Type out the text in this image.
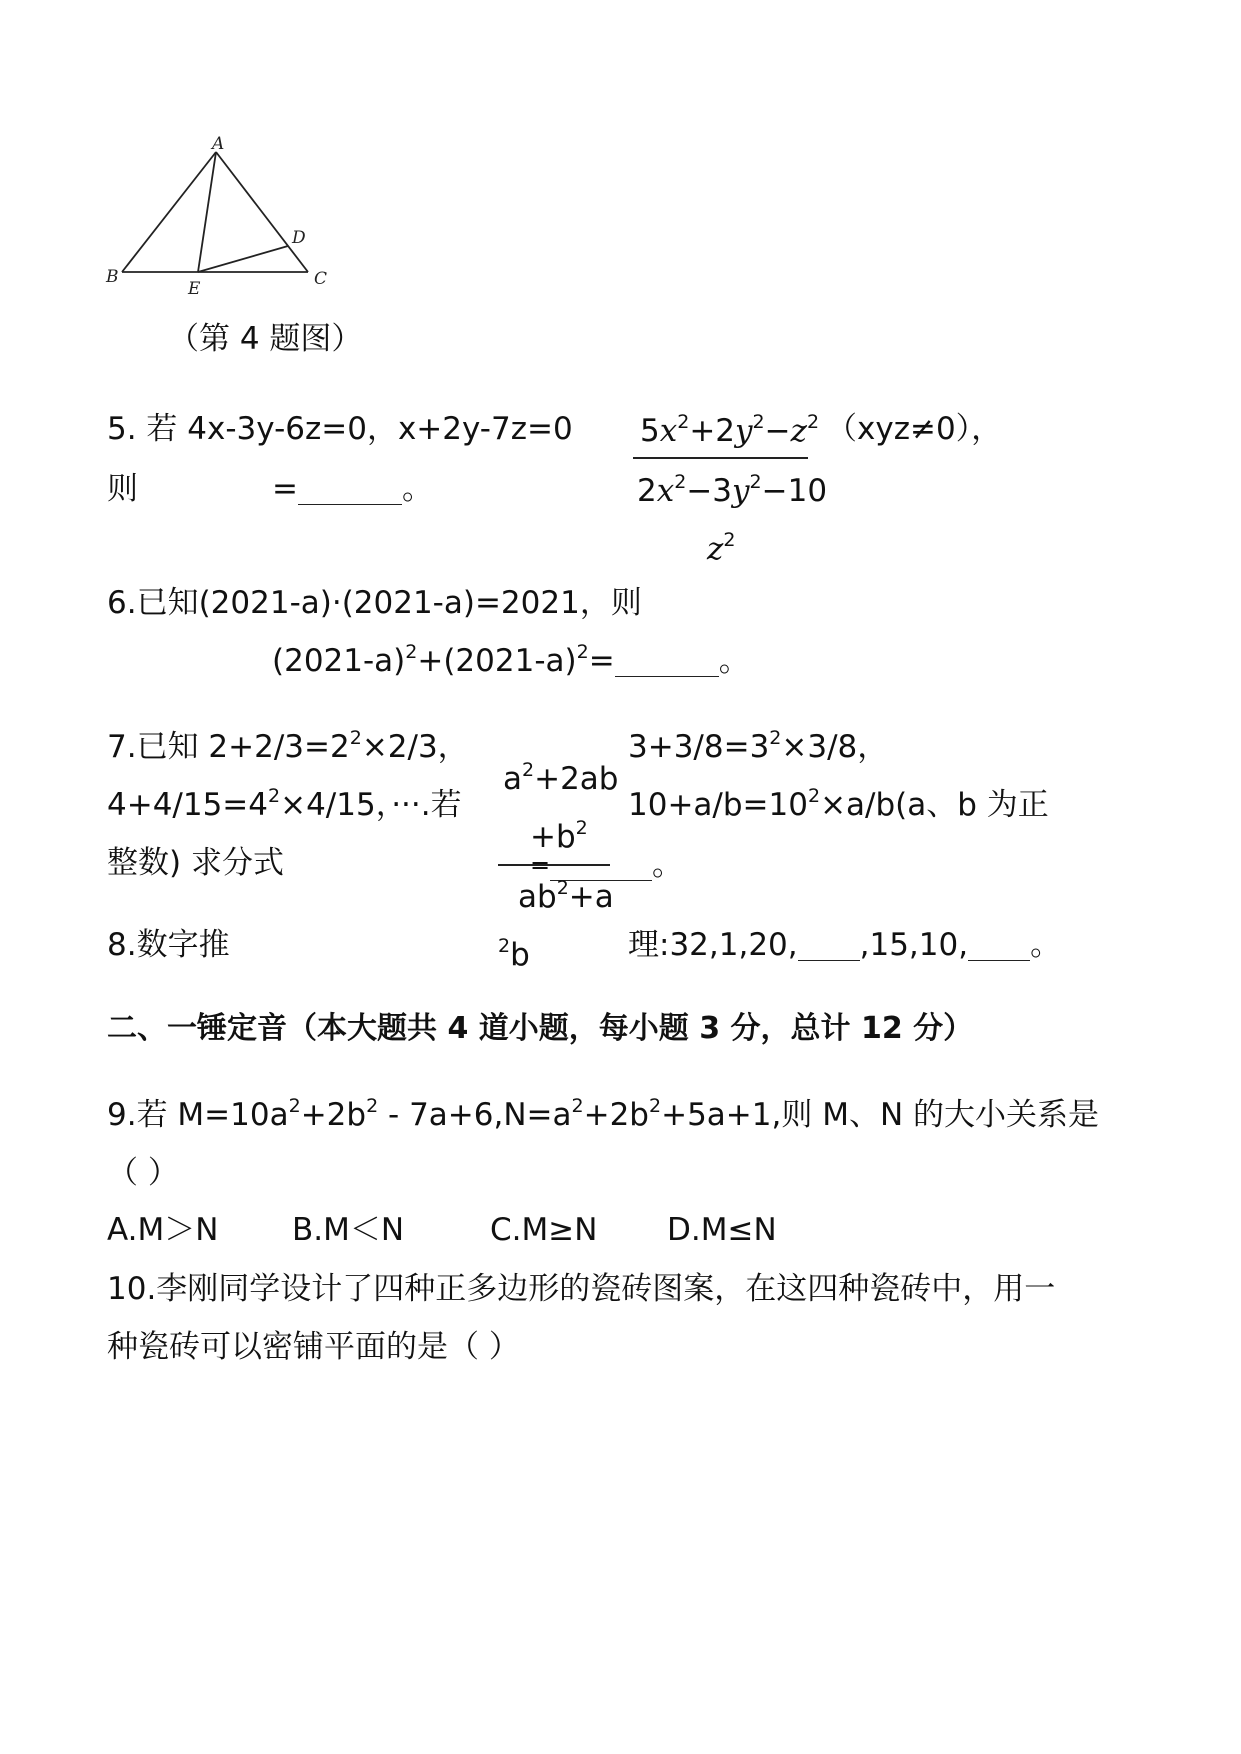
A
B	C
D
E
（第 4 题图）
5. 若 4x-3y-6z=0，x+2y-7z=0 $5x^2+2y^2-z^2$ （xyz≠0），
则	=	。	$2x^2-3y^2-10$
$z^2$
6.已知(2021-a)·(2021-a)=2021，则
$(2021-a)^2+(2021-a)^2=$	。
7.已知 $2+2/3=2^2\times 2/3$，	$3+3/8=3^2\times 3/8$，
$a^2+2ab$
$4+4/15=4^2\times 4/15$，···.若	$10+a/b=10^2\times a/b(a$、b 为正
$+b^2$
整数) 求分式	=	。
$ab^2+a$
$^2$b
8.数字推	理:32,1,20, ,15,10, 。
二、一锤定音（本大题共 4 道小题，每小题 3 分，总计 12 分）
9.若 $M=10a^2+2b^2 - 7a+6,N=a^2+2b^2+5a+1$,则 M、N 的大小关系是
（ ）
A.M＞N B.M＜N	C.M≥N D.M≤N
10.李刚同学设计了四种正多边形的瓷砖图案，在这四种瓷砖中，用一
种瓷砖可以密铺平面的是（ ）
